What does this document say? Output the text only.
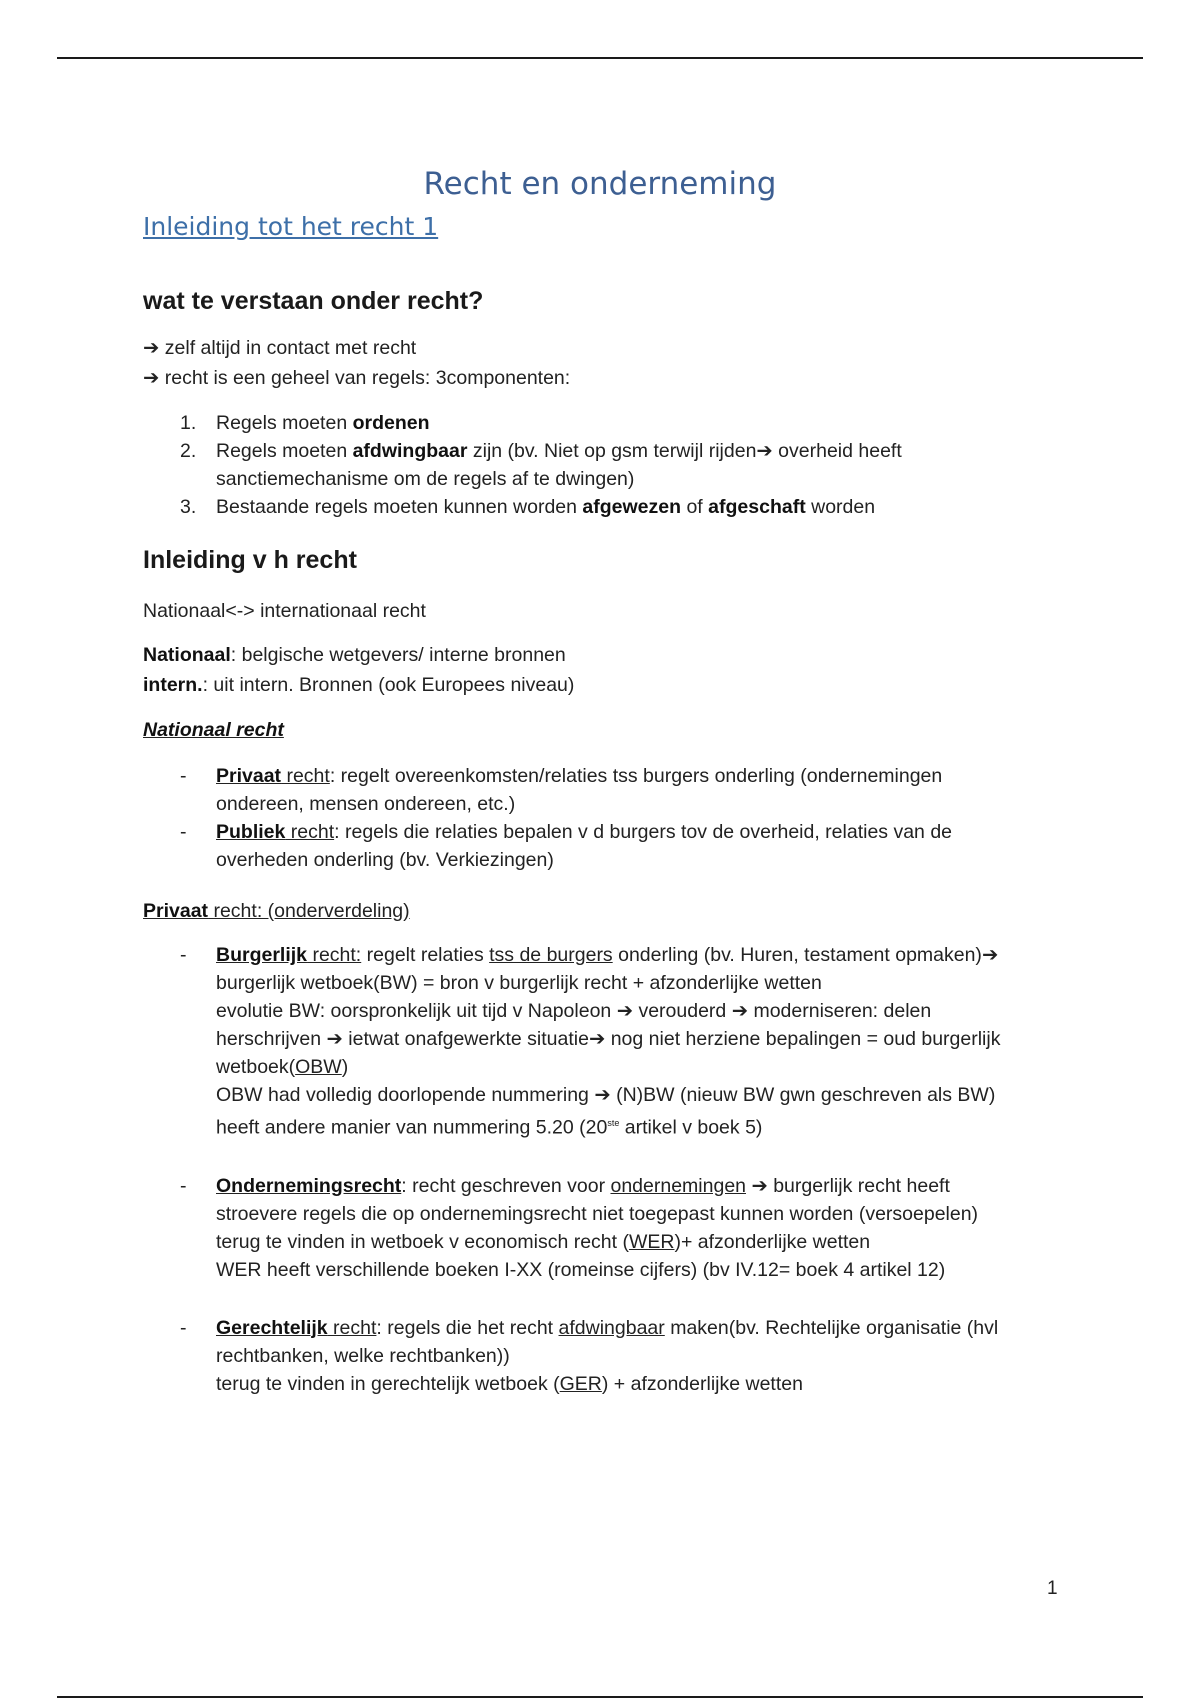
Recht en onderneming
Inleiding tot het recht 1
wat te verstaan onder recht?
➔ zelf altijd in contact met recht
➔ recht is een geheel van regels: 3componenten:
1. Regels moeten ordenen
2. Regels moeten afdwingbaar zijn (bv. Niet op gsm terwijl rijden➔ overheid heeft
sanctiemechanisme om de regels af te dwingen)
3. Bestaande regels moeten kunnen worden afgewezen of afgeschaft worden
Inleiding v h recht
Nationaal<-> internationaal recht
Nationaal: belgische wetgevers/ interne bronnen
intern.: uit intern. Bronnen (ook Europees niveau)
Nationaal recht
- Privaat recht: regelt overeenkomsten/relaties tss burgers onderling (ondernemingen
ondereen, mensen ondereen, etc.)
- Publiek recht: regels die relaties bepalen v d burgers tov de overheid, relaties van de
overheden onderling (bv. Verkiezingen)
Privaat recht: (onderverdeling)
- Burgerlijk recht: regelt relaties tss de burgers onderling (bv. Huren, testament opmaken)➔
burgerlijk wetboek(BW) = bron v burgerlijk recht + afzonderlijke wetten
evolutie BW: oorspronkelijk uit tijd v Napoleon ➔ verouderd ➔ moderniseren: delen
herschrijven ➔ ietwat onafgewerkte situatie➔ nog niet herziene bepalingen = oud burgerlijk
wetboek(OBW)
OBW had volledig doorlopende nummering ➔ (N)BW (nieuw BW gwn geschreven als BW)
heeft andere manier van nummering 5.20 (20ste artikel v boek 5)
- Ondernemingsrecht: recht geschreven voor ondernemingen ➔ burgerlijk recht heeft
stroevere regels die op ondernemingsrecht niet toegepast kunnen worden (versoepelen)
terug te vinden in wetboek v economisch recht (WER)+ afzonderlijke wetten
WER heeft verschillende boeken I-XX (romeinse cijfers) (bv IV.12= boek 4 artikel 12)
- Gerechtelijk recht: regels die het recht afdwingbaar maken(bv. Rechtelijke organisatie (hvl
rechtbanken, welke rechtbanken))
terug te vinden in gerechtelijk wetboek (GER) + afzonderlijke wetten
1
